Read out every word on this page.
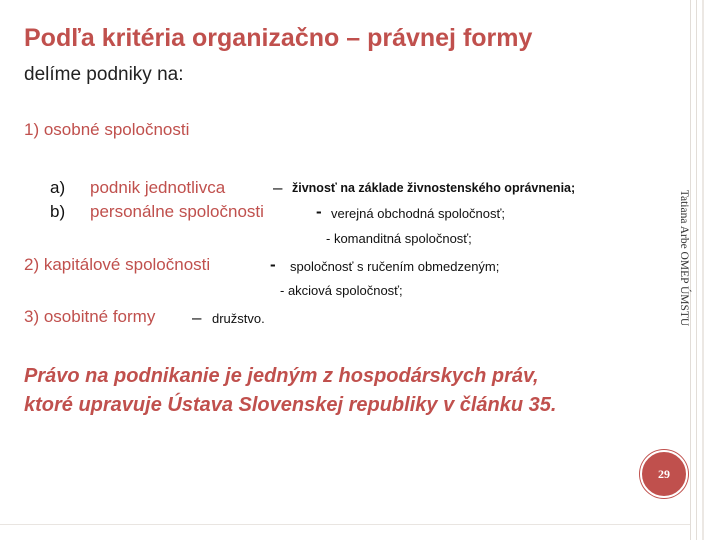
Podľa kritéria organizačno – právnej formy
delíme podniky na:
1) osobné spoločnosti
a) podnik jednotlivca	– živnosť na základe živnostenského oprávnenia;
b) personálne spoločnosti	- verejná obchodná spoločnosť;
- komanditná spoločnosť;
2) kapitálové spoločnosti	- spoločnosť s ručením obmedzeným;
- akciová spoločnosť;
3) osobitné formy – družstvo.	Tatiana Arbe OMEP ÚMSTU
Právo na podnikanie je jedným z hospodárskych práv,
ktoré upravuje Ústava Slovenskej republiky v článku 35.
29
